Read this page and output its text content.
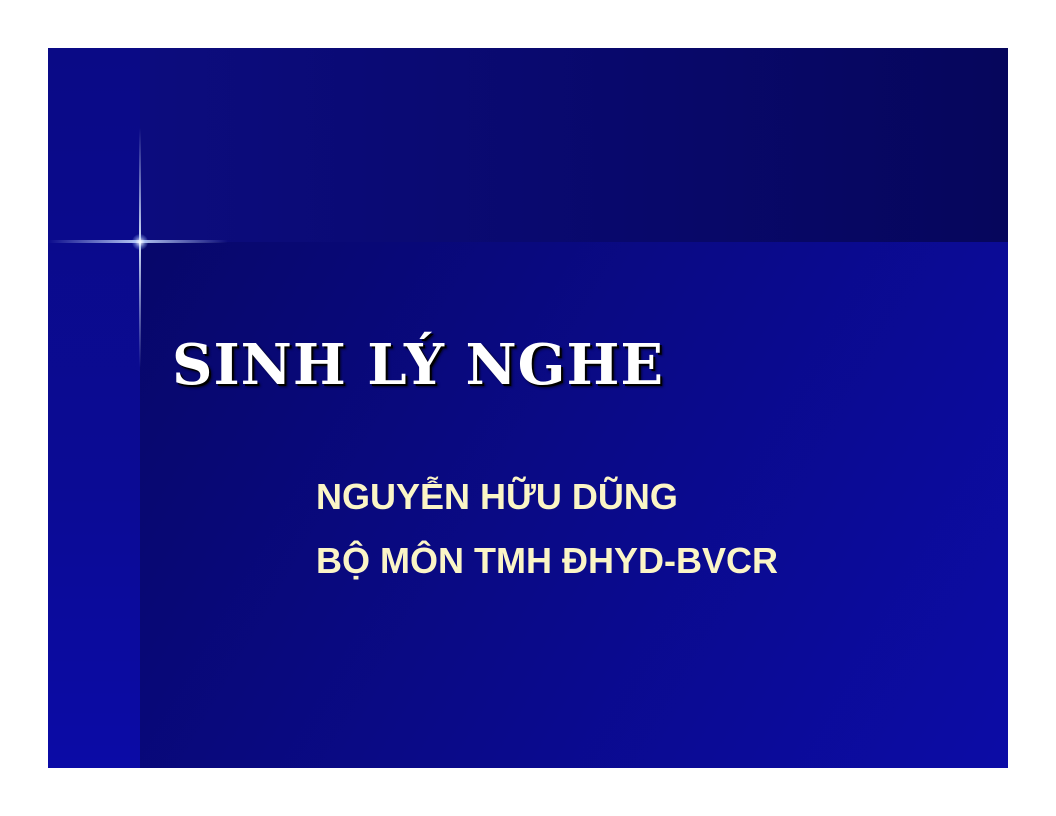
SINH LÝ NGHE
NGUYỄN HỮU DŨNG
BỘ MÔN TMH ĐHYD-BVCR
